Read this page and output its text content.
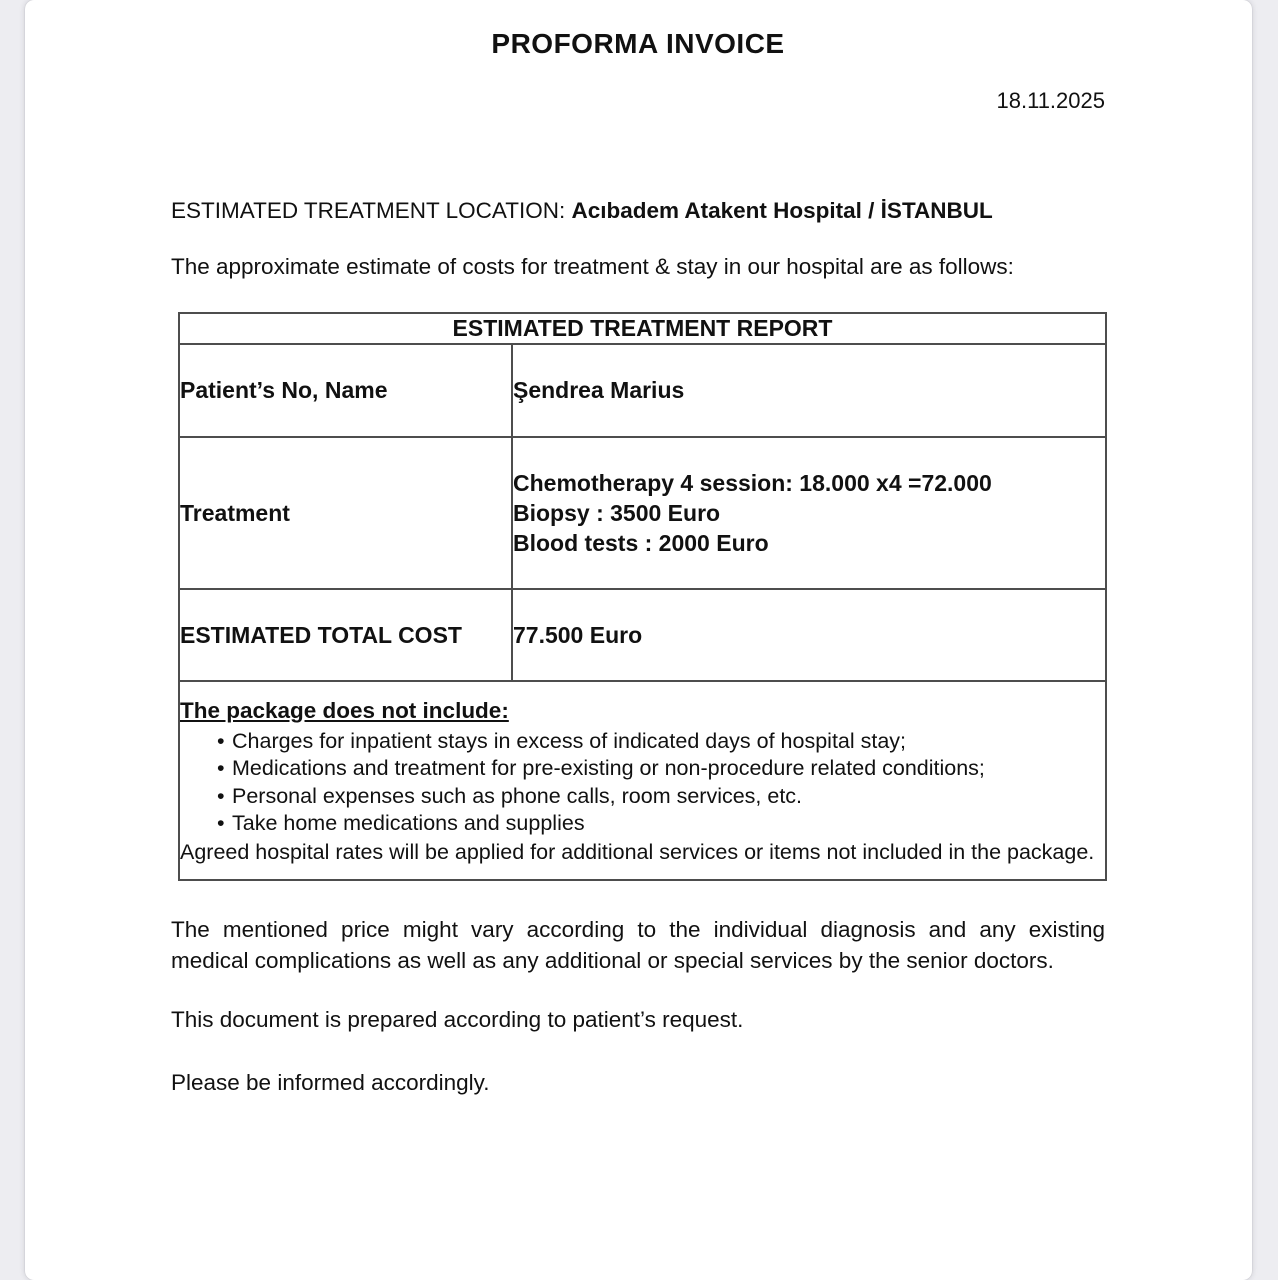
PROFORMA INVOICE
18.11.2025
ESTIMATED TREATMENT LOCATION: Acıbadem Atakent Hospital / İSTANBUL

The approximate estimate of costs for treatment & stay in our hospital are as follows:

ESTIMATED TREATMENT REPORT	
Patient’s No, Name	Şendrea Marius
Treatment	Chemotherapy 4 session: 18.000 x4 =72.000
Biopsy : 3500 Euro
Blood tests : 2000 Euro

ESTIMATED TOTAL COST	77.500 Euro

The package does not include:
• Charges for inpatient stays in excess of indicated days of hospital stay;
• Medications and treatment for pre-existing or non-procedure related conditions;
• Personal expenses such as phone calls, room services, etc.
• Take home medications and supplies
Agreed hospital rates will be applied for additional services or items not included in the package.

The mentioned price might vary according to the individual diagnosis and any existing medical complications as well as any additional or special services by the senior doctors.

This document is prepared according to patient’s request.

Please be informed accordingly.
